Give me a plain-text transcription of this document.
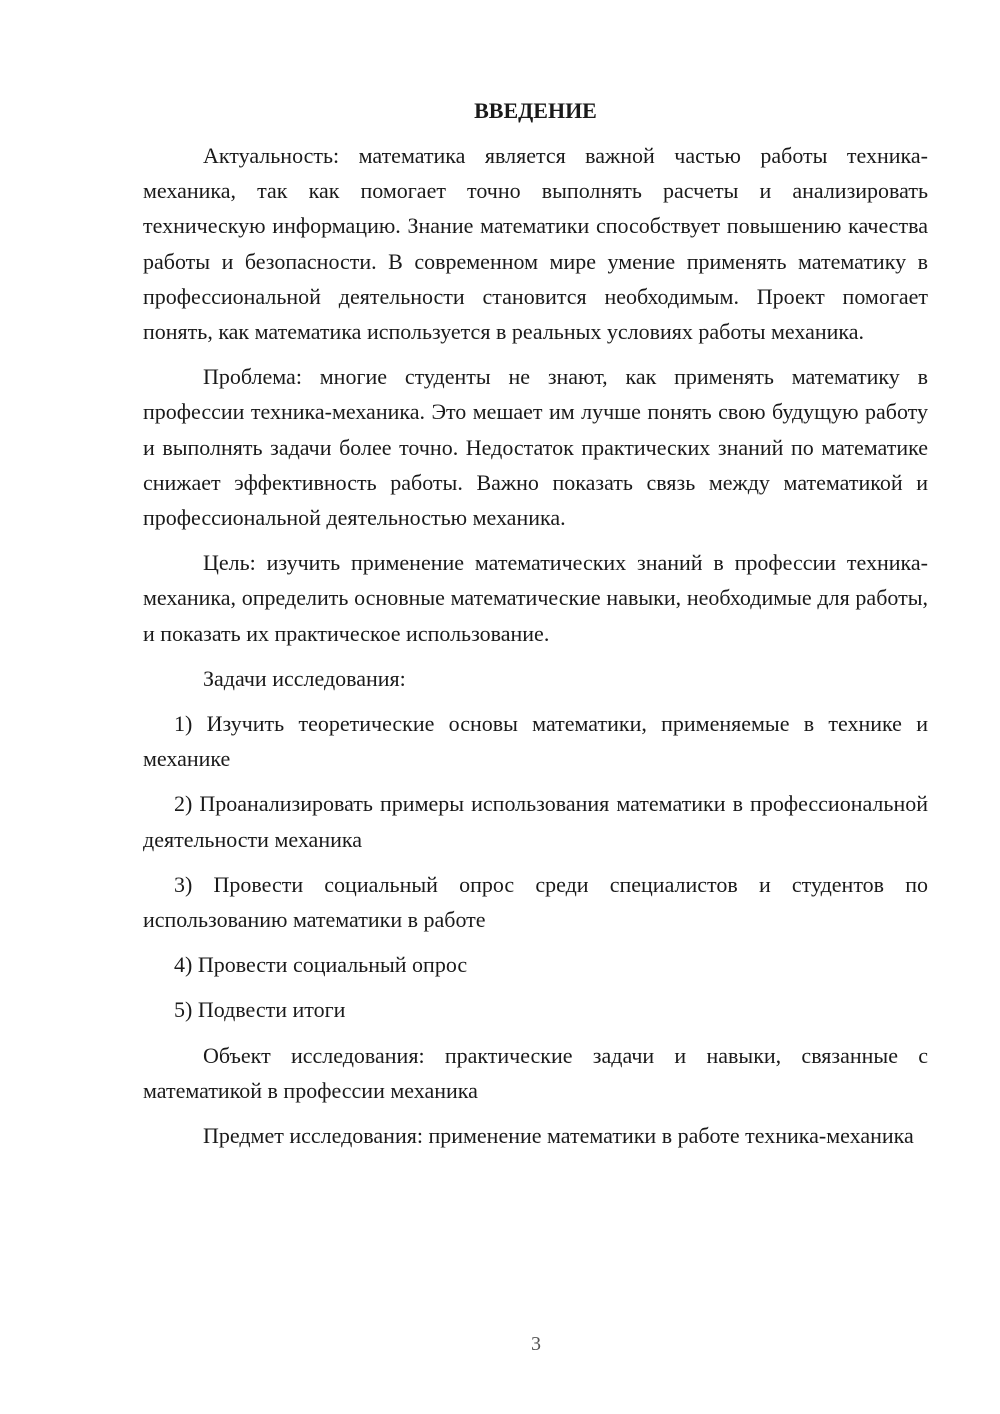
ВВЕДЕНИЕ

Актуальность: математика является важной частью работы техника-механика, так как помогает точно выполнять расчеты и анализировать техническую информацию. Знание математики способствует повышению качества работы и безопасности. В современном мире умение применять математику в профессиональной деятельности становится необходимым. Проект помогает понять, как математика используется в реальных условиях работы механика.

Проблема: многие студенты не знают, как применять математику в профессии техника-механика. Это мешает им лучше понять свою будущую работу и выполнять задачи более точно. Недостаток практических знаний по математике снижает эффективность работы. Важно показать связь между математикой и профессиональной деятельностью механика.

Цель: изучить применение математических знаний в профессии техника-механика, определить основные математические навыки, необходимые для работы, и показать их практическое использование.

Задачи исследования:

1) Изучить теоретические основы математики, применяемые в технике и механике

2) Проанализировать примеры использования математики в профессиональной деятельности механика

3) Провести социальный опрос среди специалистов и студентов по использованию математики в работе

4) Провести социальный опрос

5) Подвести итоги

Объект исследования: практические задачи и навыки, связанные с математикой в профессии механика

Предмет исследования: применение математики в работе техника-механика

3
